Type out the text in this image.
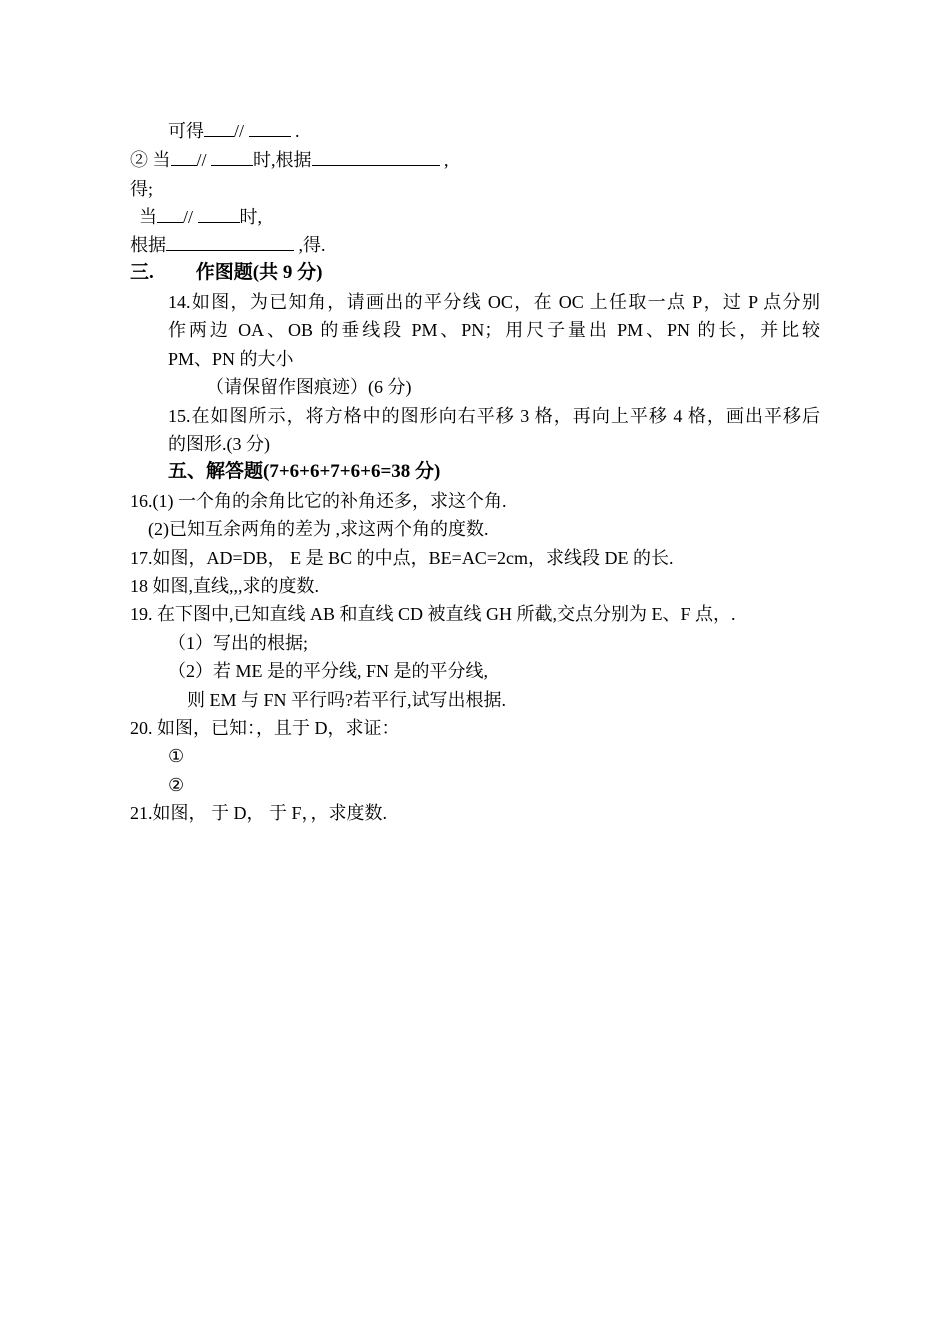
可得 //	.
② 当 //	时,根据	,
得;
当 //	时,
根据	,得.
三. 作图题(共 9 分)
14.如图，为已知角，请画出的平分线 OC，在 OC 上任取一点 P，过 P 点分别
作两边 OA、OB 的垂线段 PM、PN；用尺子量出 PM、PN 的长，并比较
PM、PN 的大小
（请保留作图痕迹）(6 分)
15.在如图所示，将方格中的图形向右平移 3 格，再向上平移 4 格，画出平移后
的图形.(3 分)
五、解答题(7+6+6+7+6+6=38 分)
16.(1) 一个角的余角比它的补角还多，求这个角.
(2)已知互余两角的差为 ,求这两个角的度数.
17.如图，AD=DB， E 是 BC 的中点，BE=AC=2cm，求线段 DE 的长.
18 如图,直线,,,求的度数.
19. 在下图中,已知直线 AB 和直线 CD 被直线 GH 所截,交点分别为 E、F 点，.
（1）写出的根据;
（2）若 ME 是的平分线, FN 是的平分线,
则 EM 与 FN 平行吗?若平行,试写出根据.
20. 如图，已知：，且于 D，求证：
①
②
21.如图， 于 D， 于 F，，求度数.
